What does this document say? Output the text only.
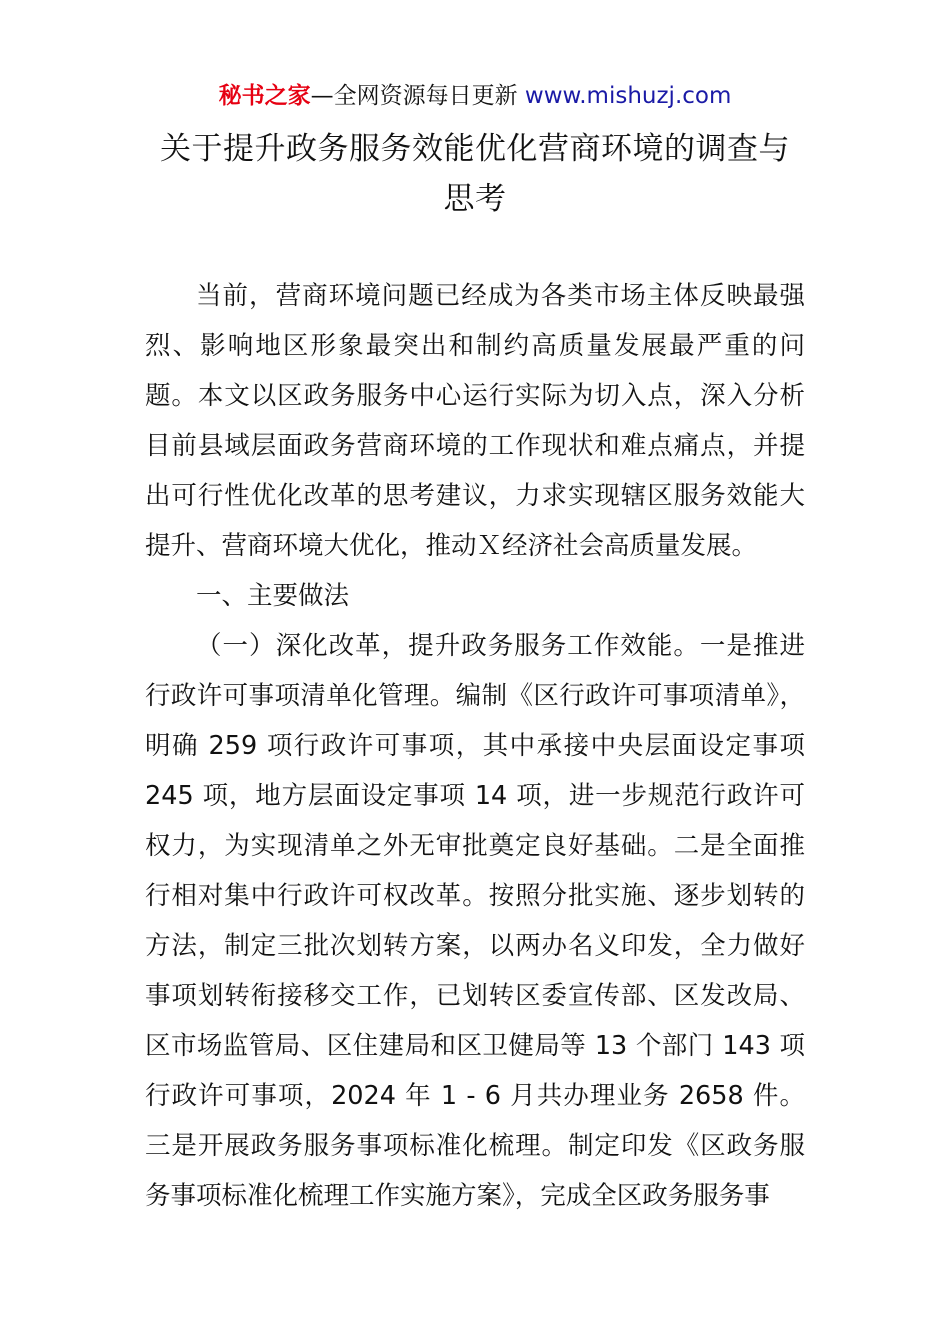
秘书之家—全网资源每日更新 www.mishuzj.com
关于提升政务服务效能优化营商环境的调查与
思考

当前，营商环境问题已经成为各类市场主体反映最强烈、影响地区形象最突出和制约高质量发展最严重的问题。本文以区政务服务中心运行实际为切入点，深入分析目前县域层面政务营商环境的工作现状和难点痛点，并提出可行性优化改革的思考建议，力求实现辖区服务效能大提升、营商环境大优化，推动Ｘ经济社会高质量发展。

一、主要做法

（一）深化改革，提升政务服务工作效能。一是推进行政许可事项清单化管理。编制《区行政许可事项清单》，明确 259 项行政许可事项，其中承接中央层面设定事项 245 项，地方层面设定事项 14 项，进一步规范行政许可权力，为实现清单之外无审批奠定良好基础。二是全面推行相对集中行政许可权改革。按照分批实施、逐步划转的方法，制定三批次划转方案，以两办名义印发，全力做好事项划转衔接移交工作，已划转区委宣传部、区发改局、区市场监管局、区住建局和区卫健局等 13 个部门 143 项行政许可事项，2024 年 1 - 6 月共办理业务 2658 件。三是开展政务服务事项标准化梳理。制定印发《区政务服务事项标准化梳理工作实施方案》，完成全区政务服务事
